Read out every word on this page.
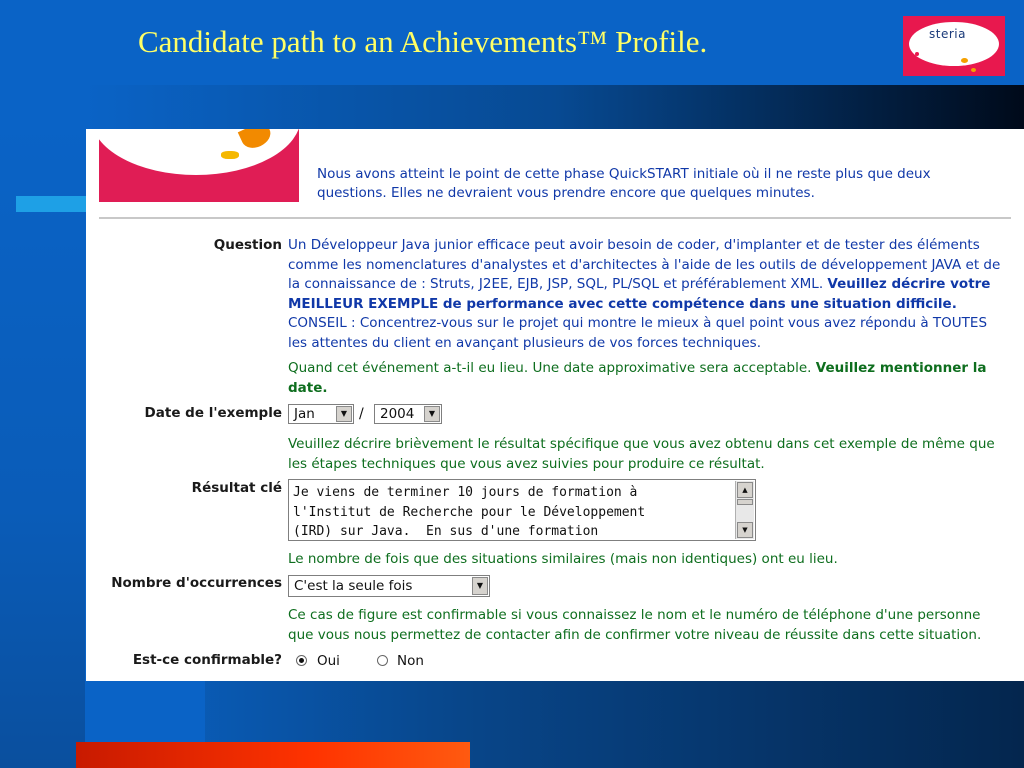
Candidate path to an Achievements™ Profile.	steria
Nous avons atteint le point de cette phase QuickSTART initiale où il ne reste plus que deux questions. Elles ne devraient vous prendre encore que quelques minutes.
Question Un Développeur Java junior efficace peut avoir besoin de coder, d'implanter et de tester des éléments comme les nomenclatures d'analystes et d'architectes à l'aide de les outils de développement JAVA et de la connaissance de : Struts, J2EE, EJB, JSP, SQL, PL/SQL et préférablement XML. Veuillez décrire votre MEILLEUR EXEMPLE de performance avec cette compétence dans une situation difficile. CONSEIL : Concentrez-vous sur le projet qui montre le mieux à quel point vous avez répondu à TOUTES les attentes du client en avançant plusieurs de vos forces techniques.
Quand cet événement a-t-il eu lieu. Une date approximative sera acceptable. Veuillez mentionner la date.
Date de l'exemple Jan	▼ / 2004	▼
Veuillez décrire brièvement le résultat spécifique que vous avez obtenu dans cet exemple de même que les étapes techniques que vous avez suivies pour produire ce résultat.
Résultat clé Je viens de terminer 10 jours de formation à
l'Institut de Recherche pour le Développement
(IRD) sur Java.  En sus d'une formation
▲
▼
Le nombre de fois que des situations similaires (mais non identiques) ont eu lieu.
Nombre d'occurrences C'est la seule fois	▼
Ce cas de figure est confirmable si vous connaissez le nom et le numéro de téléphone d'une personne que vous nous permettez de contacter afin de confirmer votre niveau de réussite dans cette situation.
Est-ce confirmable?	Oui	Non
